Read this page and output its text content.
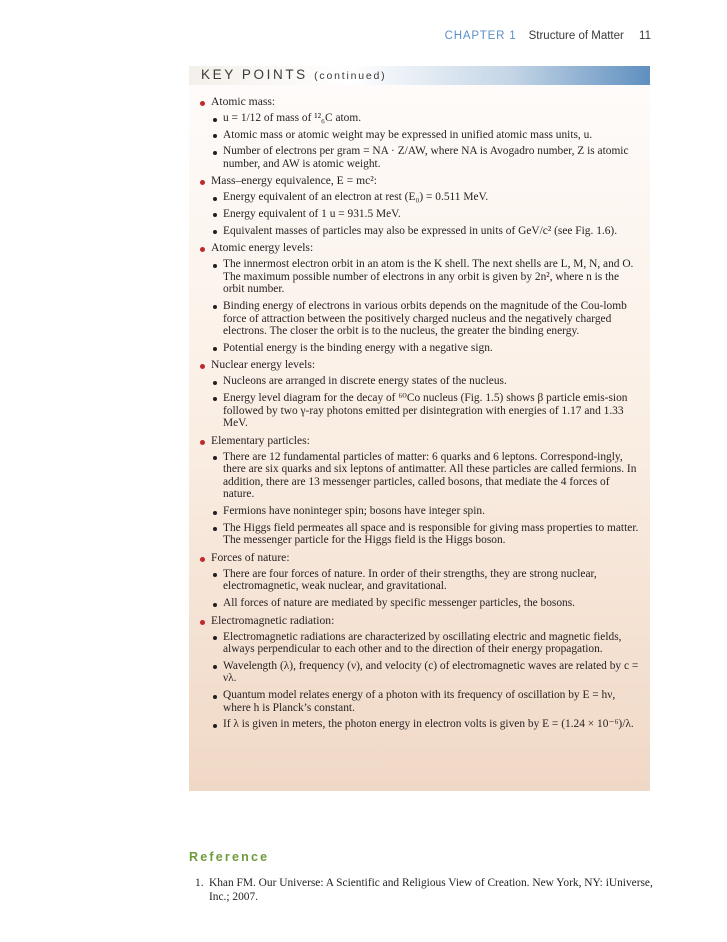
CHAPTER 1 Structure of Matter 11
KEY POINTS (continued)
Atomic mass:
u = 1/12 of mass of ¹²₆C atom.
Atomic mass or atomic weight may be expressed in unified atomic mass units, u.
Number of electrons per gram = NA · Z/AW, where NA is Avogadro number, Z is atomic number, and AW is atomic weight.
Mass–energy equivalence, E = mc²:
Energy equivalent of an electron at rest (E₀) = 0.511 MeV.
Energy equivalent of 1 u = 931.5 MeV.
Equivalent masses of particles may also be expressed in units of GeV/c² (see Fig. 1.6).
Atomic energy levels:
The innermost electron orbit in an atom is the K shell. The next shells are L, M, N, and O. The maximum possible number of electrons in any orbit is given by 2n², where n is the orbit number.
Binding energy of electrons in various orbits depends on the magnitude of the Cou-lomb force of attraction between the positively charged nucleus and the negatively charged electrons. The closer the orbit is to the nucleus, the greater the binding energy.
Potential energy is the binding energy with a negative sign.
Nuclear energy levels:
Nucleons are arranged in discrete energy states of the nucleus.
Energy level diagram for the decay of ⁶⁰Co nucleus (Fig. 1.5) shows β particle emis-sion followed by two γ-ray photons emitted per disintegration with energies of 1.17 and 1.33 MeV.
Elementary particles:
There are 12 fundamental particles of matter: 6 quarks and 6 leptons. Correspond-ingly, there are six quarks and six leptons of antimatter. All these particles are called fermions. In addition, there are 13 messenger particles, called bosons, that mediate the 4 forces of nature.
Fermions have noninteger spin; bosons have integer spin.
The Higgs field permeates all space and is responsible for giving mass properties to matter. The messenger particle for the Higgs field is the Higgs boson.
Forces of nature:
There are four forces of nature. In order of their strengths, they are strong nuclear, electromagnetic, weak nuclear, and gravitational.
All forces of nature are mediated by specific messenger particles, the bosons.
Electromagnetic radiation:
Electromagnetic radiations are characterized by oscillating electric and magnetic fields, always perpendicular to each other and to the direction of their energy propagation.
Wavelength (λ), frequency (ν), and velocity (c) of electromagnetic waves are related by c = νλ.
Quantum model relates energy of a photon with its frequency of oscillation by E = hν, where h is Planck’s constant.
If λ is given in meters, the photon energy in electron volts is given by E = (1.24 × 10⁻⁶)/λ.
Reference
1. Khan FM. Our Universe: A Scientific and Religious View of Creation. New York, NY: iUniverse, Inc.; 2007.
